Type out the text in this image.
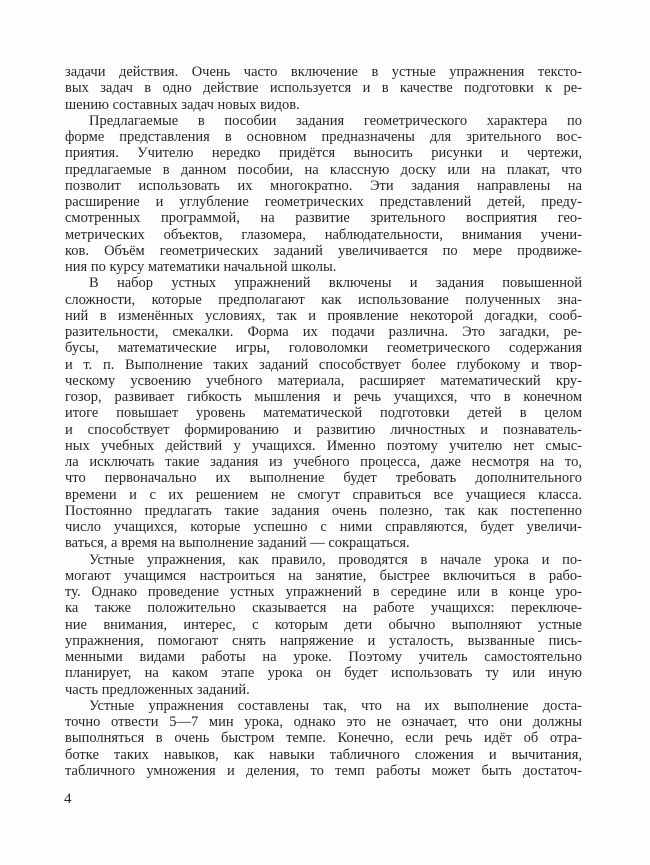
задачи действия. Очень часто включение в устные упражнения тексто-
вых задач в одно действие используется и в качестве подготовки к ре-
шению составных задач новых видов.
Предлагаемые в пособии задания геометрического характера по
форме представления в основном предназначены для зрительного вос-
приятия. Учителю нередко придётся выносить рисунки и чертежи,
предлагаемые в данном пособии, на классную доску или на плакат, что
позволит использовать их многократно. Эти задания направлены на
расширение и углубление геометрических представлений детей, преду-
смотренных программой, на развитие зрительного восприятия гео-
метрических объектов, глазомера, наблюдательности, внимания учени-
ков. Объём геометрических заданий увеличивается по мере продвиже-
ния по курсу математики начальной школы.
В набор устных упражнений включены и задания повышенной
сложности, которые предполагают как использование полученных зна-
ний в изменённых условиях, так и проявление некоторой догадки, сооб-
разительности, смекалки. Форма их подачи различна. Это загадки, ре-
бусы, математические игры, головоломки геометрического содержания
и т. п. Выполнение таких заданий способствует более глубокому и твор-
ческому усвоению учебного материала, расширяет математический кру-
гозор, развивает гибкость мышления и речь учащихся, что в конечном
итоге повышает уровень математической подготовки детей в целом
и способствует формированию и развитию личностных и познаватель-
ных учебных действий у учащихся. Именно поэтому учителю нет смыс-
ла исключать такие задания из учебного процесса, даже несмотря на то,
что первоначально их выполнение будет требовать дополнительного
времени и с их решением не смогут справиться все учащиеся класса.
Постоянно предлагать такие задания очень полезно, так как постепенно
число учащихся, которые успешно с ними справляются, будет увеличи-
ваться, а время на выполнение заданий — сокращаться.
Устные упражнения, как правило, проводятся в начале урока и по-
могают учащимся настроиться на занятие, быстрее включиться в рабо-
ту. Однако проведение устных упражнений в середине или в конце уро-
ка также положительно сказывается на работе учащихся: переключе-
ние внимания, интерес, с которым дети обычно выполняют устные
упражнения, помогают снять напряжение и усталость, вызванные пись-
менными видами работы на уроке. Поэтому учитель самостоятельно
планирует, на каком этапе урока он будет использовать ту или иную
часть предложенных заданий.
Устные упражнения составлены так, что на их выполнение доста-
точно отвести 5—7 мин урока, однако это не означает, что они должны
выполняться в очень быстром темпе. Конечно, если речь идёт об отра-
ботке таких навыков, как навыки табличного сложения и вычитания,
табличного умножения и деления, то темп работы может быть достаточ-
4
